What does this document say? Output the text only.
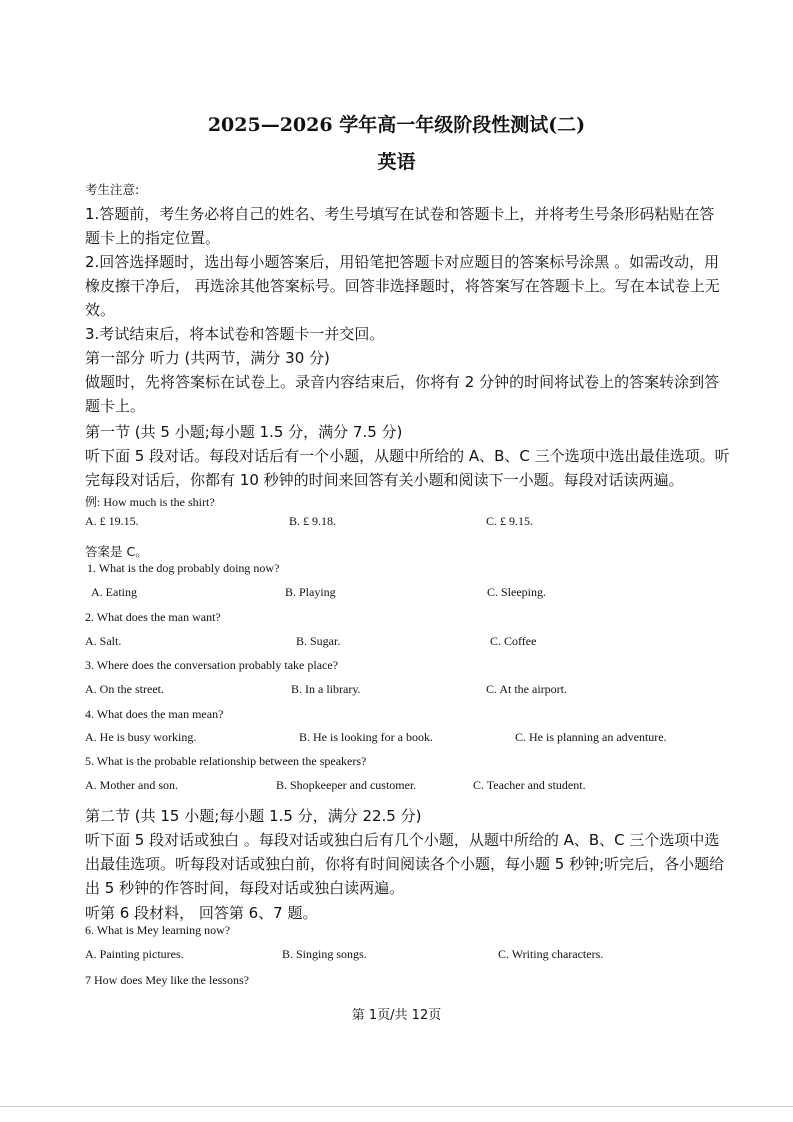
2025—2026 学年高一年级阶段性测试(二)
英语
考生注意:
1.答题前，考生务必将自己的姓名、考生号填写在试卷和答题卡上，并将考生号条形码粘贴在答题卡上的指定位置。
2.回答选择题时，选出每小题答案后，用铅笔把答题卡对应题目的答案标号涂黑 。如需改动，用橡皮擦干净后， 再选涂其他答案标号。回答非选择题时，将答案写在答题卡上。写在本试卷上无效。
3.考试结束后，将本试卷和答题卡一并交回。
第一部分 听力 (共两节，满分 30 分)
做题时，先将答案标在试卷上。录音内容结束后，你将有 2 分钟的时间将试卷上的答案转涂到答题卡上。
第一节 (共 5 小题;每小题 1.5 分，满分 7.5 分)
听下面 5 段对话。每段对话后有一个小题，从题中所给的 A、B、C 三个选项中选出最佳选项。听完每段对话后，你都有 10 秒钟的时间来回答有关小题和阅读下一小题。每段对话读两遍。
例: How much is the shirt?
A. £ 19.15.	B. £ 9.18.	C. £ 9.15.
答案是 C。
1. What is the dog probably doing now?
A. Eating	B. Playing	C. Sleeping.
2. What does the man want?
A. Salt.	B. Sugar.	C. Coffee
3. Where does the conversation probably take place?
A. On the street.	B. In a library.	C. At the airport.
4. What does the man mean?
A. He is busy working.	B. He is looking for a book.	C. He is planning an adventure.
5. What is the probable relationship between the speakers?
A. Mother and son.	B. Shopkeeper and customer.	C. Teacher and student.
第二节 (共 15 小题;每小题 1.5 分，满分 22.5 分)
听下面 5 段对话或独白 。每段对话或独白后有几个小题，从题中所给的 A、B、C 三个选项中选出最佳选项。听每段对话或独白前，你将有时间阅读各个小题，每小题 5 秒钟;听完后，各小题给出 5 秒钟的作答时间，每段对话或独白读两遍。
听第 6 段材料， 回答第 6、7 题。
6. What is Mey learning now?
A. Painting pictures.	B. Singing songs.	C. Writing characters.
7 How does Mey like the lessons?
第 1页/共 12页
